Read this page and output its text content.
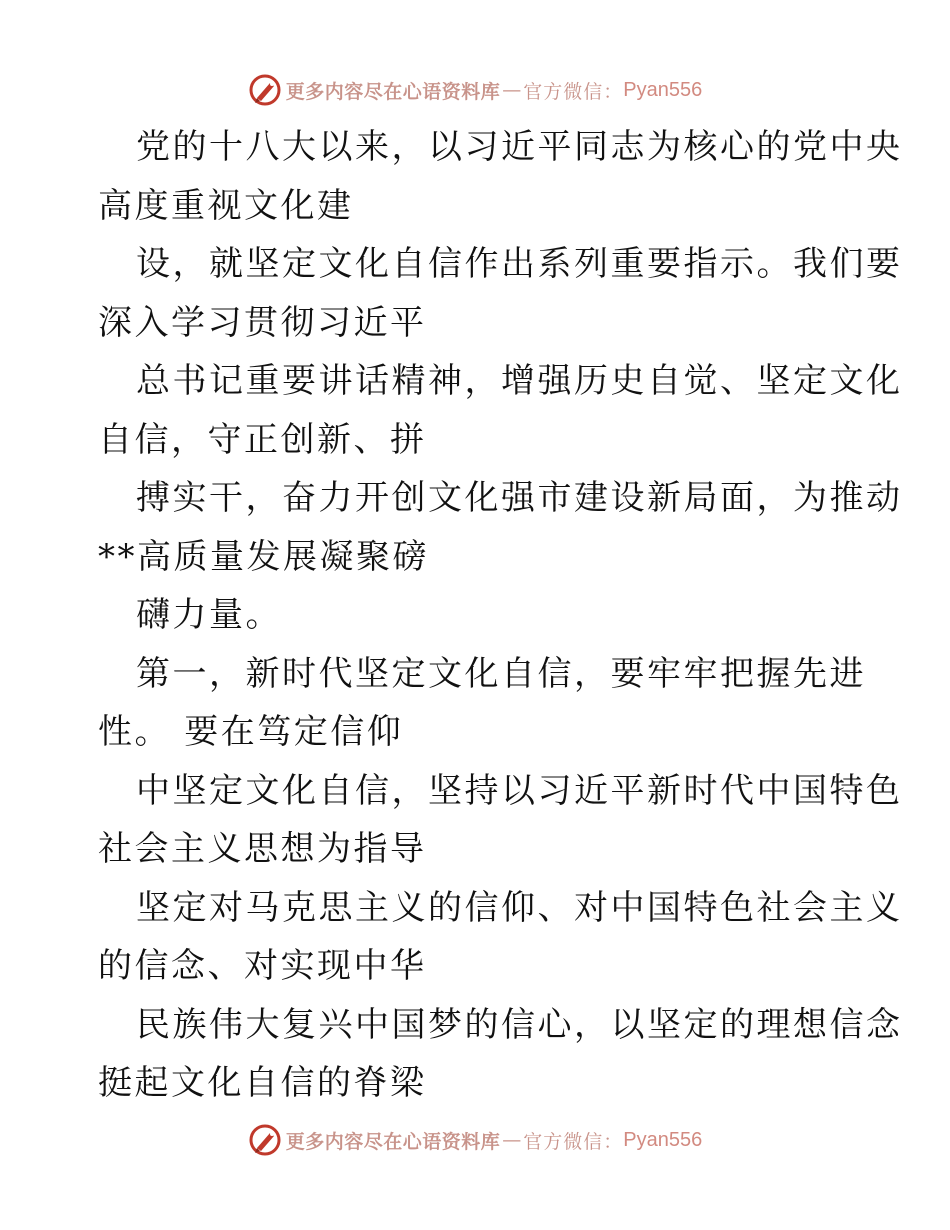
更多内容尽在心语资料库 — 官方微信： Pyan556

党的十八大以来，以习近平同志为核心的党中央
高度重视文化建

设，就坚定文化自信作出系列重要指示。我们要
深入学习贯彻习近平

总书记重要讲话精神，增强历史自觉、坚定文化
自信，守正创新、拼

搏实干，奋力开创文化强市建设新局面，为推动
**高质量发展凝聚磅

礴力量。

第一，新时代坚定文化自信，要牢牢把握先进
性。 要在笃定信仰

中坚定文化自信，坚持以习近平新时代中国特色
社会主义思想为指导

坚定对马克思主义的信仰、对中国特色社会主义
的信念、对实现中华

民族伟大复兴中国梦的信心，以坚定的理想信念
挺起文化自信的脊梁

更多内容尽在心语资料库 — 官方微信： Pyan556
